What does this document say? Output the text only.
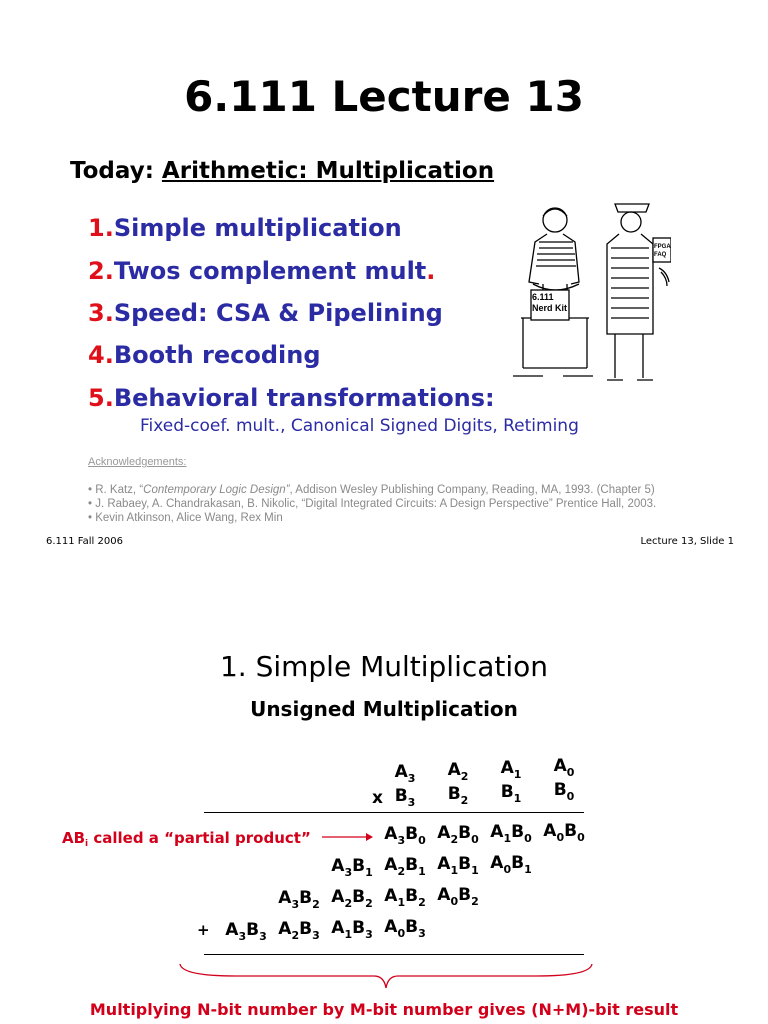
6.111 Lecture 13
Today: Arithmetic: Multiplication
1.Simple multiplication
2.Twos complement mult.
3.Speed: CSA & Pipelining
4.Booth recoding
5.Behavioral transformations:
Fixed-coef. mult., Canonical Signed Digits, Retiming
6.111
Nerd Kit
FPGA
FAQ
Acknowledgements:
• R. Katz, “Contemporary Logic Design”, Addison Wesley Publishing Company, Reading, MA, 1993. (Chapter 5)
• J. Rabaey, A. Chandrakasan, B. Nikolic, “Digital Integrated Circuits: A Design Perspective” Prentice Hall, 2003.
• Kevin Atkinson, Alice Wang, Rex Min
6.111 Fall 2006	Lecture 13, Slide 1
1. Simple Multiplication
Unsigned Multiplication
$A_3$ $A_2$ $A_1$ $A_0$
$B_3$ $B_2$ $B_1$ $B_0$
x
$A_3B_0$ $A_2B_0$ $A_1B_0$ $A_0B_0$
$A_3B_1$ $A_2B_1$ $A_1B_1$ $A_0B_1$
$A_3B_2$ $A_2B_2$ $A_1B_2$ $A_0B_2$
$A_3B_3$ $A_2B_3$ $A_1B_3$ $A_0B_3$
$AB_i$ called a “partial product”
+
Multiplying N-bit number by M-bit number gives (N+M)-bit result
